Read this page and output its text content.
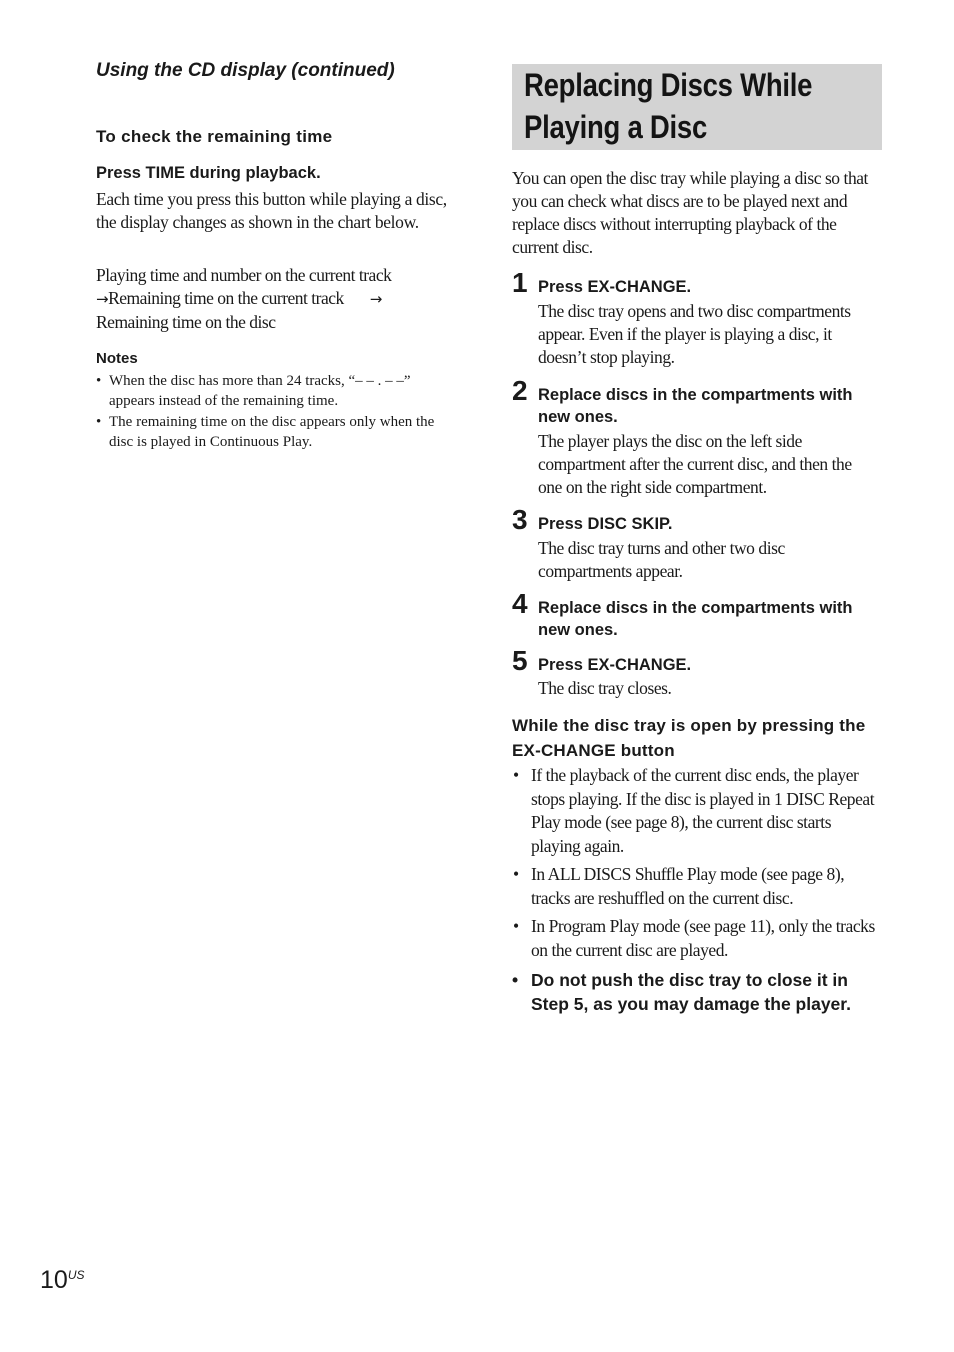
Using the CD display (continued)
To check the remaining time
Press TIME during playback.
Each time you press this button while playing a disc, the display changes as shown in the chart below.
Playing time and number on the current track
→Remaining time on the current track →
Remaining time on the disc
Notes
• When the disc has more than 24 tracks, “– – . – –” appears instead of the remaining time.
• The remaining time on the disc appears only when the disc is played in Continuous Play.
Replacing Discs While
Playing a Disc
You can open the disc tray while playing a disc so that you can check what discs are to be played next and replace discs without interrupting playback of the current disc.
1 Press EX-CHANGE.
The disc tray opens and two disc compartments appear. Even if the player is playing a disc, it doesn’t stop playing.
2 Replace discs in the compartments with new ones.
The player plays the disc on the left side compartment after the current disc, and then the one on the right side compartment.
3 Press DISC SKIP.
The disc tray turns and other two disc compartments appear.
4 Replace discs in the compartments with new ones.
5 Press EX-CHANGE.
The disc tray closes.
While the disc tray is open by pressing the EX-CHANGE button
• If the playback of the current disc ends, the player stops playing. If the disc is played in 1 DISC Repeat Play mode (see page 8), the current disc starts playing again.
• In ALL DISCS Shuffle Play mode (see page 8), tracks are reshuffled on the current disc.
• In Program Play mode (see page 11), only the tracks on the current disc are played.
• Do not push the disc tray to close it in Step 5, as you may damage the player.
$10^{US}$
